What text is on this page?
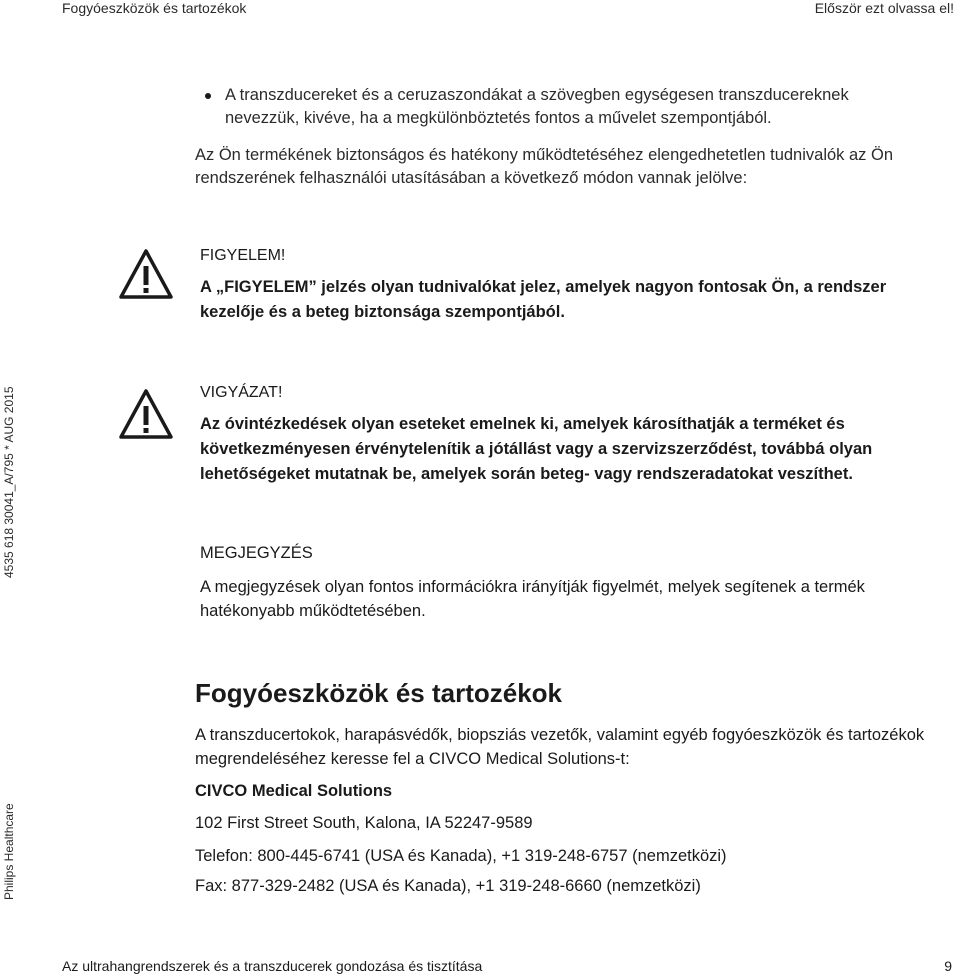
Fogyóeszközök és tartozékok	Először ezt olvassa el!
A transzducereket és a ceruzaszondákat a szövegben egységesen transzducereknek nevezzük, kivéve, ha a megkülönböztetés fontos a művelet szempontjából.
Az Ön termékének biztonságos és hatékony működtetéséhez elengedhetetlen tudnivalók az Ön rendszerének felhasználói utasításában a következő módon vannak jelölve:
FIGYELEM!
A „FIGYELEM” jelzés olyan tudnivalókat jelez, amelyek nagyon fontosak Ön, a rendszer kezelője és a beteg biztonsága szempontjából.
VIGYÁZAT!
Az óvintézkedések olyan eseteket emelnek ki, amelyek károsíthatják a terméket és következményesen érvénytelenítik a jótállást vagy a szervizszerződést, továbbá olyan lehetőségeket mutatnak be, amelyek során beteg- vagy rendszeradatokat veszíthet.
MEGJEGYZÉS
A megjegyzések olyan fontos információkra irányítják figyelmét, melyek segítenek a termék hatékonyabb működtetésében.
4535 618 30041_A/795 * AUG 2015
Philips Healthcare
Fogyóeszközök és tartozékok
A transzducertokok, harapásvédők, biopsziás vezetők, valamint egyéb fogyóeszközök és tartozékok megrendeléséhez keresse fel a CIVCO Medical Solutions-t:
CIVCO Medical Solutions
102 First Street South, Kalona, IA 52247-9589
Telefon: 800-445-6741 (USA és Kanada), +1 319-248-6757 (nemzetközi)
Fax: 877-329-2482 (USA és Kanada), +1 319-248-6660 (nemzetközi)
Az ultrahangrendszerek és a transzducerek gondozása és tisztítása	9
